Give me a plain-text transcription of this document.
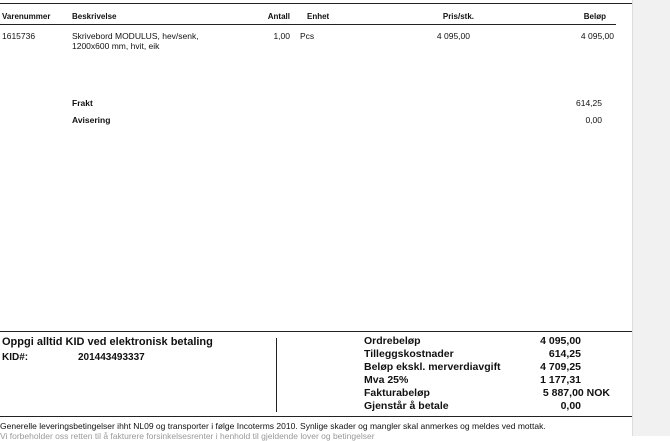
Varenummer	Beskrivelse	Antall Enhet	Pris/stk.	Beløp
1615736	Skrivebord MODULUS, hev/senk,
1200x600 mm, hvit, eik
1,00 Pcs	4 095,00	4 095,00
Frakt	614,25
Avisering	0,00
Oppgi alltid KID ved elektronisk betaling
KID#:	201443493337
Ordrebeløp	4 095,00
Tilleggskostnader	614,25
Beløp ekskl. merverdiavgift	4 709,25
Mva 25%	1 177,31
Fakturabeløp	5 887,00 NOK
Gjenstår å betale	0,00
Generelle leveringsbetingelser ihht NL09 og transporter i følge Incoterms 2010. Synlige skader og mangler skal anmerkes og meldes ved mottak.
Vi forbeholder oss retten til å fakturere forsinkelsesrenter i henhold til gjeldende lover og betingelser
